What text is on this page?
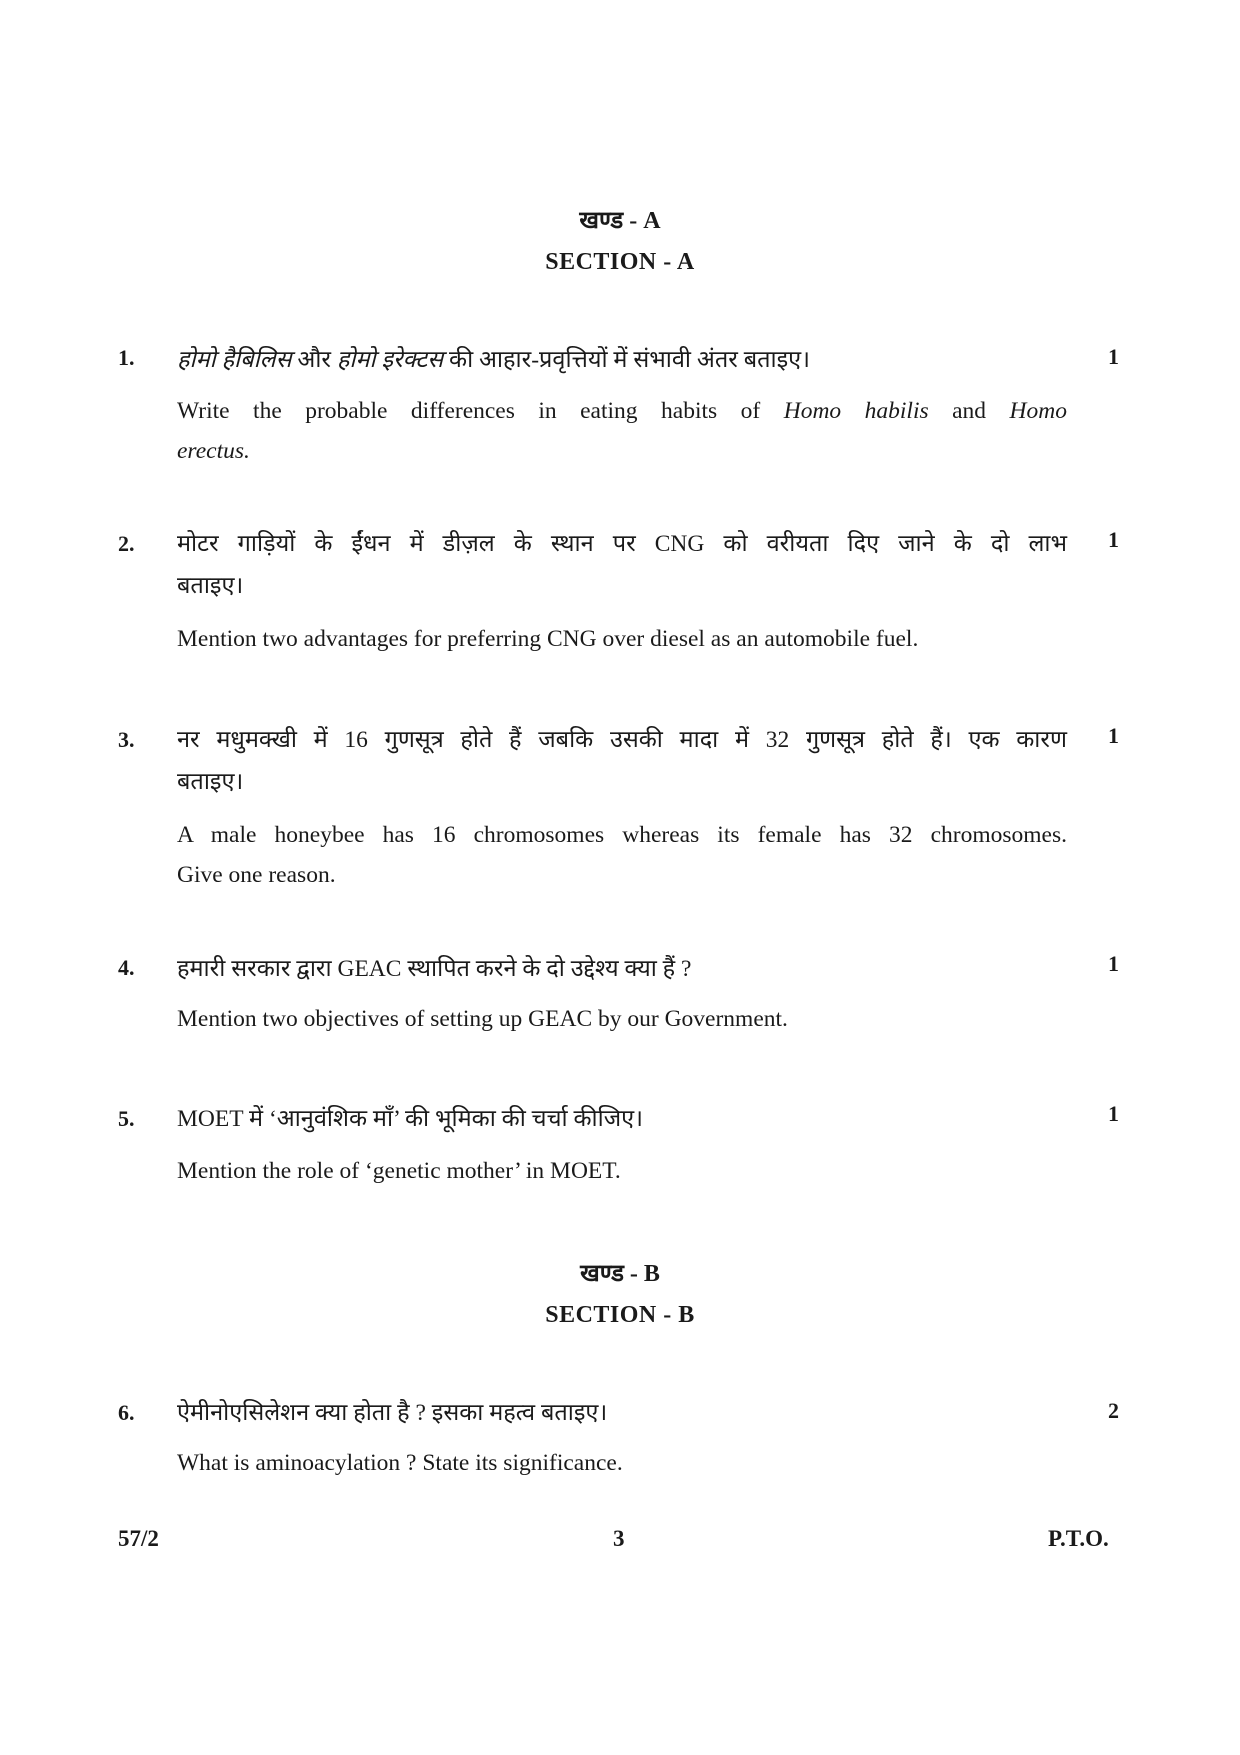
खण्ड - A
SECTION - A
1. होमो हैबिलिस और होमो इरेक्टस की आहार-प्रवृत्तियों में संभावी अंतर बताइए।	1
Write the probable differences in eating habits of Homo habilis and Homo
erectus.
2. मोटर गाड़ियों के ईंधन में डीज़ल के स्थान पर CNG को वरीयता दिए जाने के दो लाभ 1
बताइए।
Mention two advantages for preferring CNG over diesel as an automobile fuel.
3. नर मधुमक्खी में 16 गुणसूत्र होते हैं जबकि उसकी मादा में 32 गुणसूत्र होते हैं। एक कारण 1
बताइए।
A male honeybee has 16 chromosomes whereas its female has 32 chromosomes.
Give one reason.
4. हमारी सरकार द्वारा GEAC स्थापित करने के दो उद्देश्य क्या हैं ?	1
Mention two objectives of setting up GEAC by our Government.
5. MOET में ‘आनुवंशिक माँ’ की भूमिका की चर्चा कीजिए।	1
Mention the role of ‘genetic mother’ in MOET.
खण्ड - B
SECTION - B
6. ऐमीनोएसिलेशन क्या होता है ? इसका महत्व बताइए।	2
What is aminoacylation ? State its significance.
57/2	3	P.T.O.
